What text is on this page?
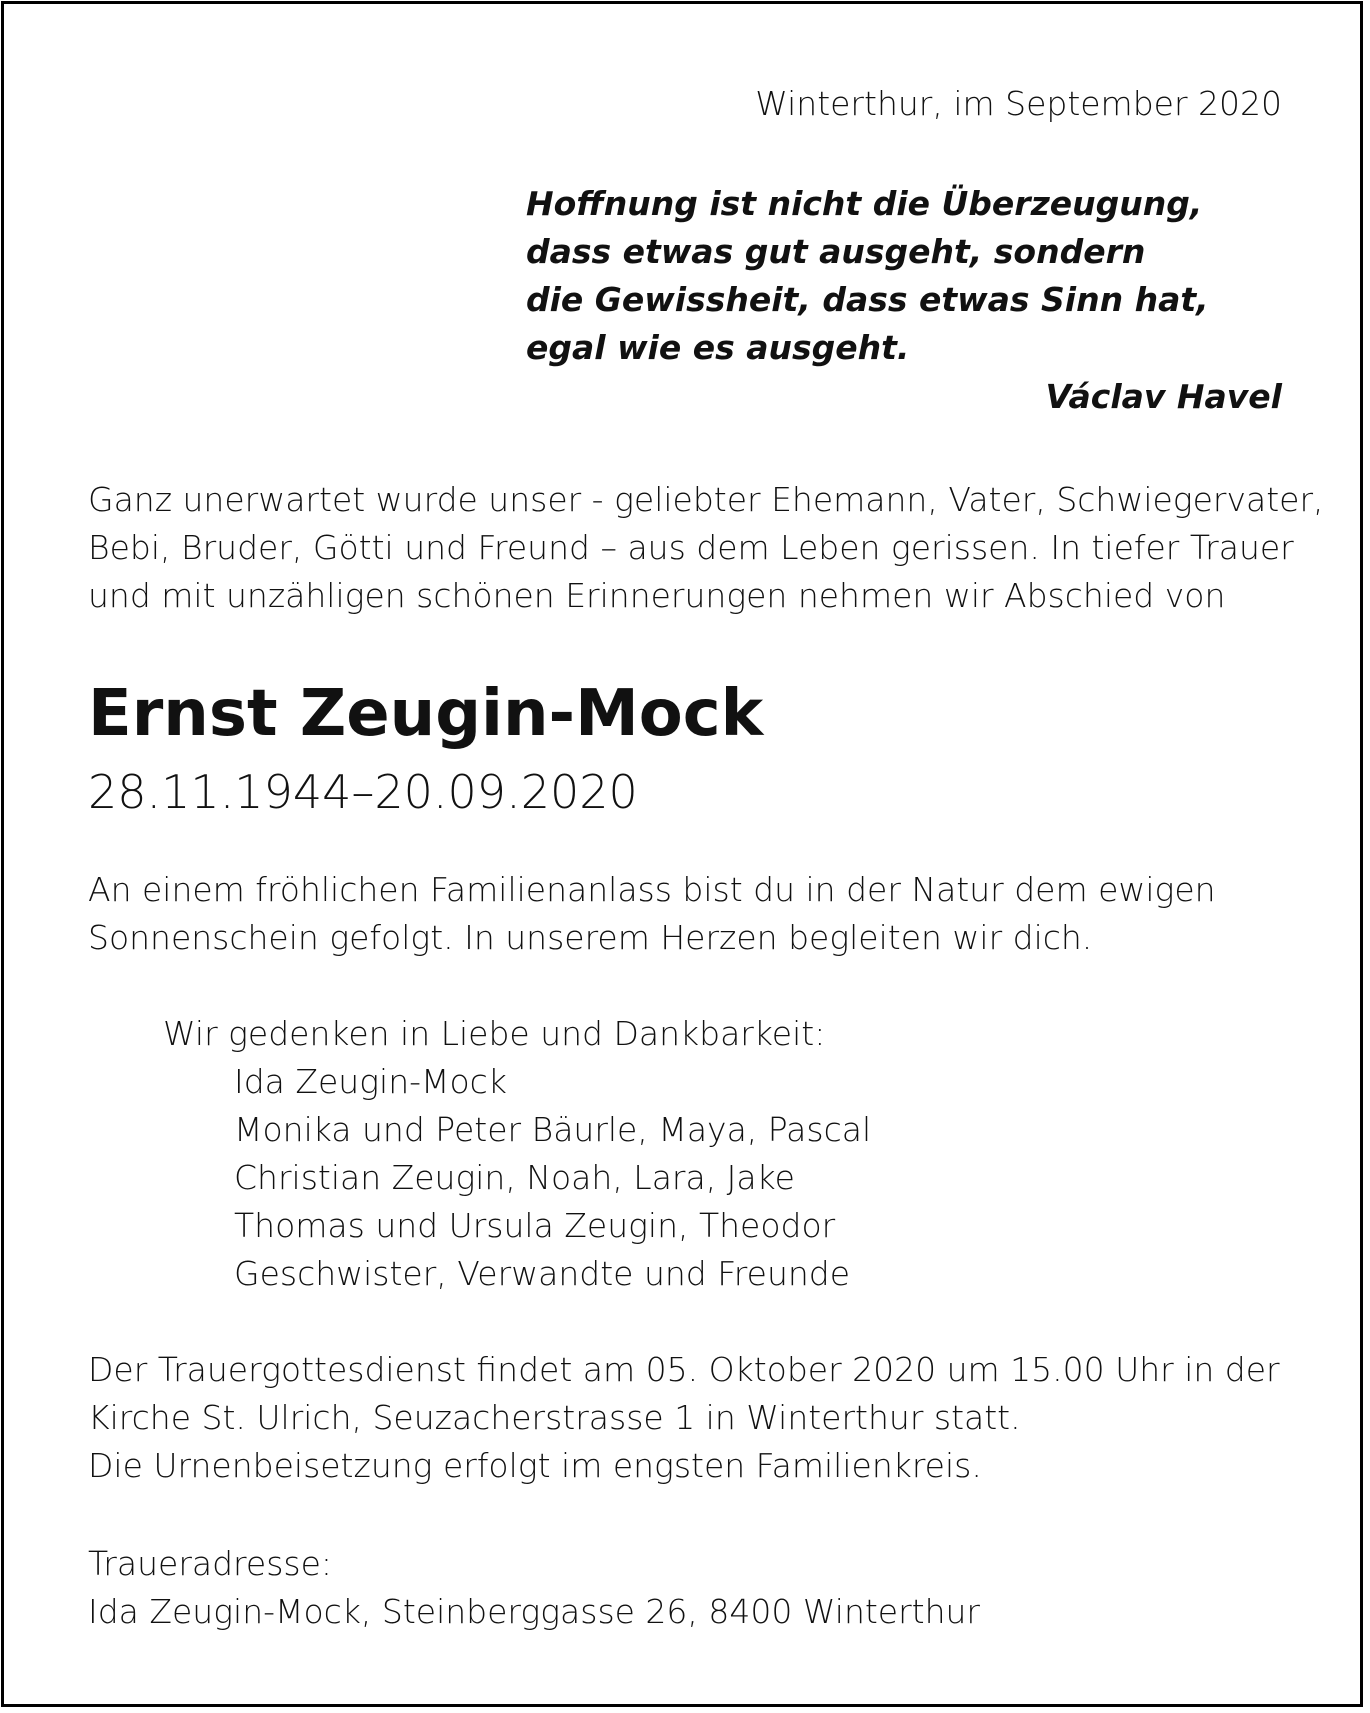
Winterthur, im September 2020
Hoffnung ist nicht die Überzeugung,
dass etwas gut ausgeht, sondern
die Gewissheit, dass etwas Sinn hat,
egal wie es ausgeht.
Václav Havel
Ganz unerwartet wurde unser - geliebter Ehemann, Vater, Schwiegervater,
Bebi, Bruder, Götti und Freund – aus dem Leben gerissen. In tiefer Trauer
und mit unzähligen schönen Erinnerungen nehmen wir Abschied von
Ernst Zeugin-Mock
28.11.1944–20.09.2020
An einem fröhlichen Familienanlass bist du in der Natur dem ewigen
Sonnenschein gefolgt. In unserem Herzen begleiten wir dich.
Wir gedenken in Liebe und Dankbarkeit:
Ida Zeugin-Mock
Monika und Peter Bäurle, Maya, Pascal
Christian Zeugin, Noah, Lara, Jake
Thomas und Ursula Zeugin, Theodor
Geschwister, Verwandte und Freunde
Der Trauergottesdienst findet am 05. Oktober 2020 um 15.00 Uhr in der
Kirche St. Ulrich, Seuzacherstrasse 1 in Winterthur statt.
Die Urnenbeisetzung erfolgt im engsten Familienkreis.
Traueradresse:
Ida Zeugin-Mock, Steinberggasse 26, 8400 Winterthur
